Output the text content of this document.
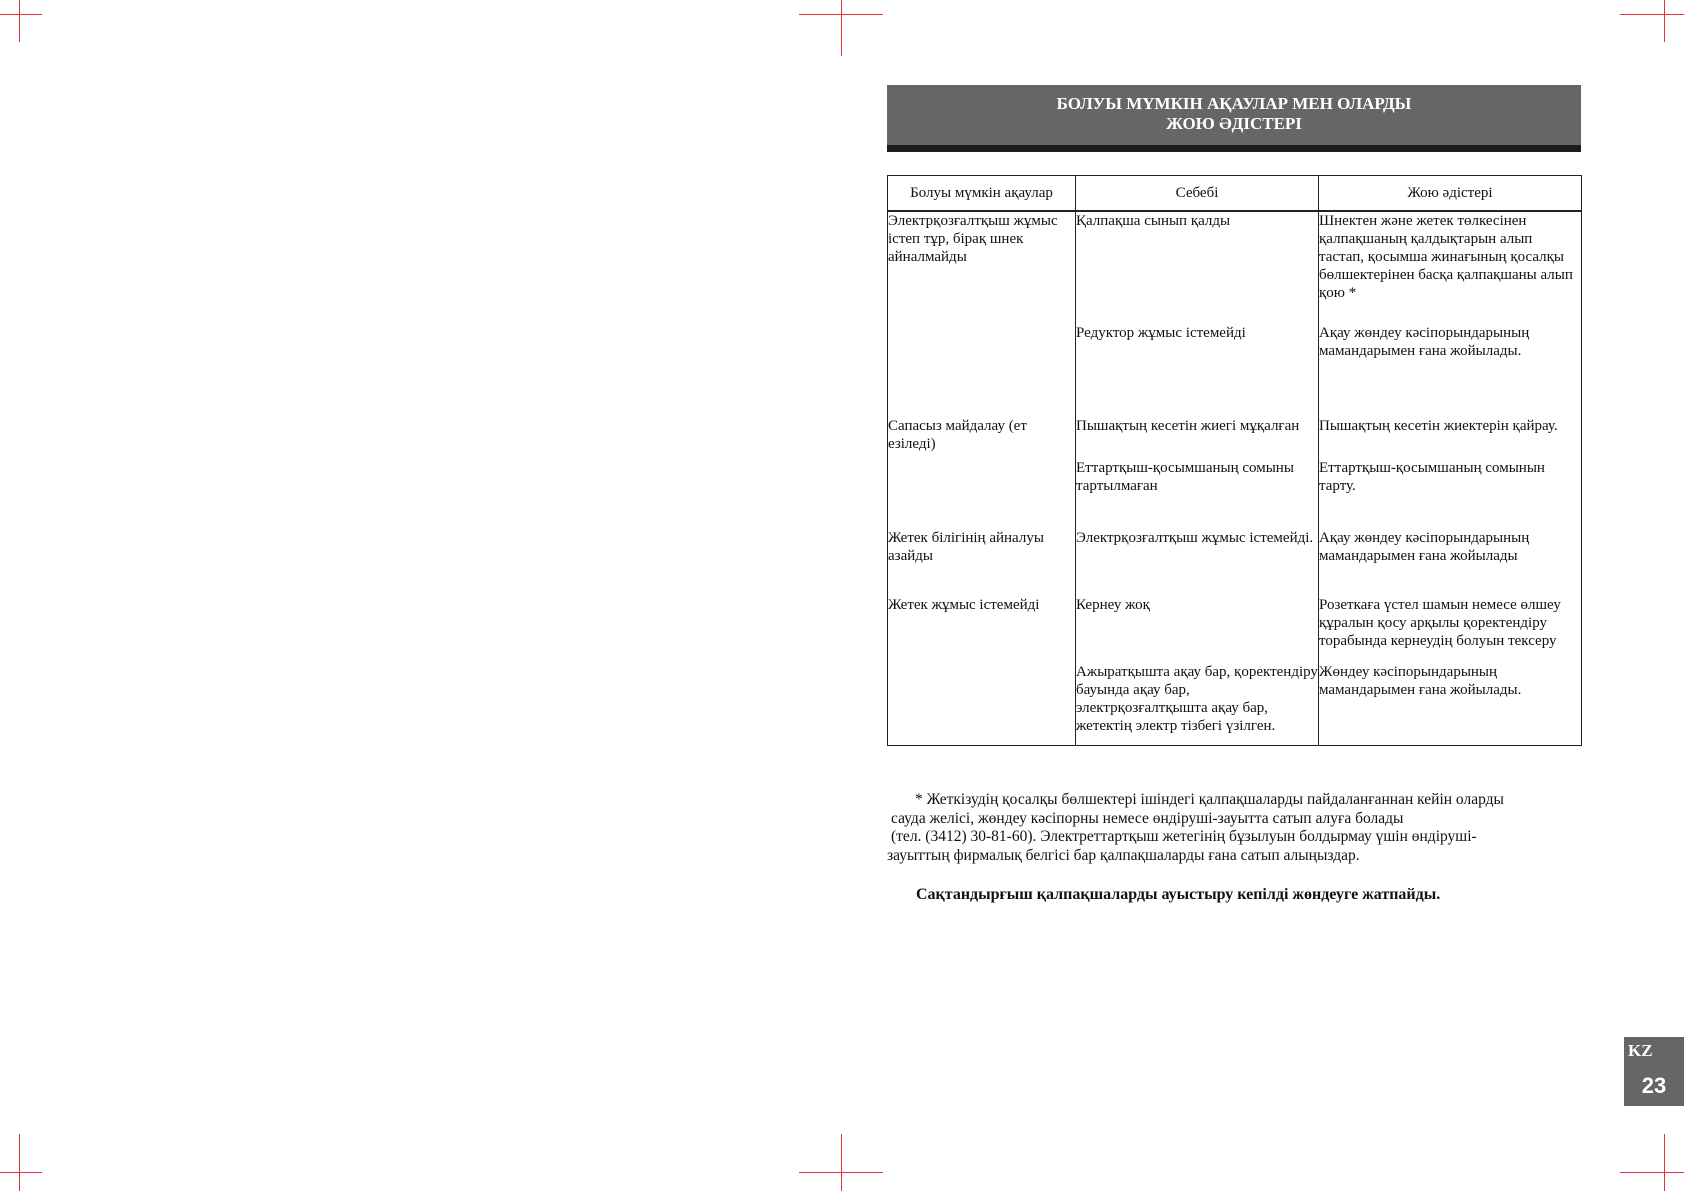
БОЛУЫ МҮМКІН АҚАУЛАР МЕН ОЛАРДЫ
ЖОЮ ӘДІСТЕРІ
Болуы мүмкін ақаулар	Себебі	Жою әдістері
Электрқозғалтқыш жұмыс істеп тұр, бірақ шнек айналмайды	Қалпақша сынып қалды	Шнектен және жетек төлкесінен қалпақшаның қалдықтарын алып тастап, қосымша жинағының қосалқы бөлшектерінен басқа қалпақшаны алып қою *
	Редуктор жұмыс істемейді	Ақау жөндеу кәсіпорындарының мамандарымен ғана жойылады.
Сапасыз майдалау (ет езіледі)	Пышақтың кесетін жиегі мұқалған	Пышақтың кесетін жиектерін қайрау.
	Еттартқыш-қосымшаның сомыны тартылмаған	Еттартқыш-қосымшаның сомынын тарту.
Жетек білігінің айналуы азайды	Электрқозғалтқыш жұмыс істемейді.	Ақау жөндеу кәсіпорындарының мамандарымен ғана жойылады
Жетек жұмыс істемейді	Кернеу жоқ	Розеткаға үстел шамын немесе өлшеу құралын қосу арқылы қоректендіру торабында кернеудің болуын тексеру
	Ажыратқышта ақау бар, қоректендіру бауында ақау бар, электрқозғалтқышта ақау бар, жетектің электр тізбегі үзілген.	Жөндеу кәсіпорындарының мамандарымен ғана жойылады.
* Жеткізудің қосалқы бөлшектері ішіндегі қалпақшаларды пайдаланғаннан кейін оларды
сауда желісі, жөндеу кәсіпорны немесе өндіруші-зауытта сатып алуға болады
(тел. (3412) 30-81-60). Электреттартқыш жетегінің бұзылуын болдырмау үшін өндіруші-
зауыттың фирмалық белгісі бар қалпақшаларды ғана сатып алыңыздар.
Сақтандырғыш қалпақшаларды ауыстыру кепілді жөндеуге жатпайды.
KZ
23
